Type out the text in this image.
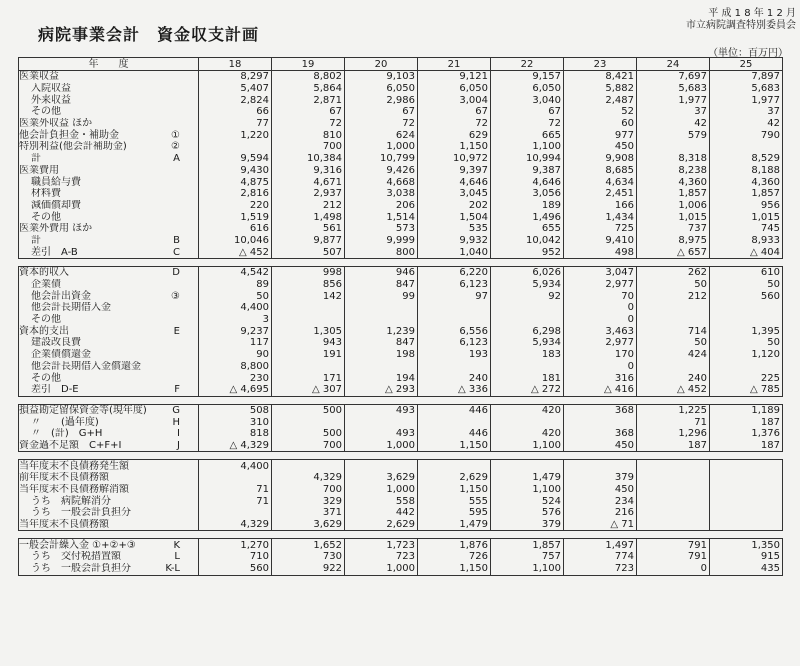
病院事業会計　資金収支計画
平 成 1 8 年 1 2 月
市立病院調査特別委員会
（単位：百万円）
年　　度	18	19	20	21	22	23	24	25

医業収益	8,297	8,802	9,103	9,121	9,157	8,421	7,697	7,897

入院収益	5,407	5,864	6,050	6,050	6,050	5,882	5,683	5,683

外来収益	2,824	2,871	2,986	3,004	3,040	2,487	1,977	1,977

その他	66	67	67	67	67	52	37	37

医業外収益 ほか	77	72	72	72	72	60	42	42

他会計負担金・補助金 ①	1,220	810	624	629	665	977	579	790

特別利益(他会計補助金) ②		700	1,000	1,150	1,100	450		

計 A	9,594	10,384	10,799	10,972	10,994	9,908	8,318	8,529

医業費用	9,430	9,316	9,426	9,397	9,387	8,685	8,238	8,188

職員給与費	4,875	4,671	4,668	4,646	4,646	4,634	4,360	4,360

材料費	2,816	2,937	3,038	3,045	3,056	2,451	1,857	1,857

減価償却費	220	212	206	202	189	166	1,006	956

その他	1,519	1,498	1,514	1,504	1,496	1,434	1,015	1,015

医業外費用 ほか	616	561	573	535	655	725	737	745

計 B	10,046	9,877	9,999	9,932	10,042	9,410	8,975	8,933

差引　A-B C	△ 452	507	800	1,040	952	498	△ 657	△ 404

資本的収入 D	4,542	998	946	6,220	6,026	3,047	262	610

企業債	89	856	847	6,123	5,934	2,977	50	50

他会計出資金 ③	50	142	99	97	92	70	212	560

他会計長期借入金	4,400					0		

その他	3					0		

資本的支出 E	9,237	1,305	1,239	6,556	6,298	3,463	714	1,395

建設改良費	117	943	847	6,123	5,934	2,977	50	50

企業債償還金	90	191	198	193	183	170	424	1,120

他会計長期借入金償還金	8,800					0		

その他	230	171	194	240	181	316	240	225

差引　D-E F	△ 4,695	△ 307	△ 293	△ 336	△ 272	△ 416	△ 452	△ 785

損益勘定留保資金等(現年度) G	508	500	493	446	420	368	1,225	1,189

〃　　(過年度) H	310						71	187

〃　(計)　G+H I	818	500	493	446	420	368	1,296	1,376

資金過不足額　C+F+I J	△ 4,329	700	1,000	1,150	1,100	450	187	187

当年度末不良債務発生額	4,400							

前年度末不良債務額		4,329	3,629	2,629	1,479	379		

当年度末不良債務解消額	71	700	1,000	1,150	1,100	450		

うち　病院解消分	71	329	558	555	524	234		

うち　一般会計負担分		371	442	595	576	216		

当年度末不良債務額	4,329	3,629	2,629	1,479	379	△ 71		

一般会計繰入金 ①+②+③ K	1,270	1,652	1,723	1,876	1,857	1,497	791	1,350

うち　交付税措置額 L	710	730	723	726	757	774	791	915

うち　一般会計負担分 K-L	560	922	1,000	1,150	1,100	723	0	435
